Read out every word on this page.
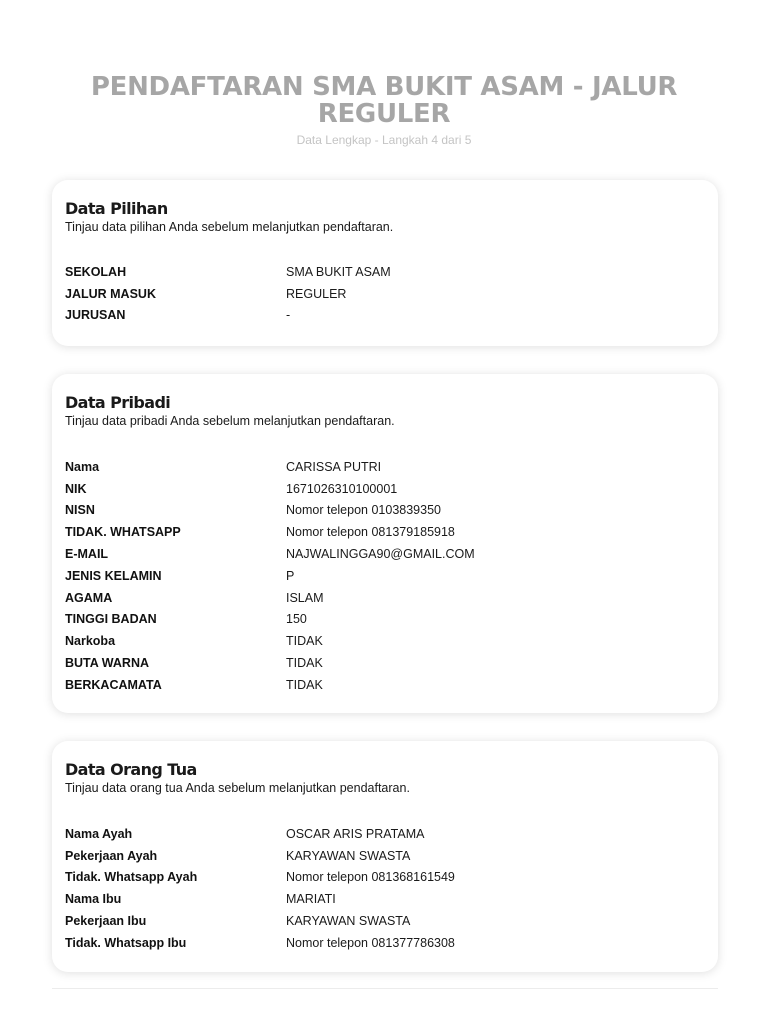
PENDAFTARAN SMA BUKIT ASAM - JALUR REGULER
Data Lengkap - Langkah 4 dari 5
Data Pilihan
Tinjau data pilihan Anda sebelum melanjutkan pendaftaran.
SEKOLAH	SMA BUKIT ASAM
JALUR MASUK	REGULER
JURUSAN	-
Data Pribadi
Tinjau data pribadi Anda sebelum melanjutkan pendaftaran.
Nama	CARISSA PUTRI
NIK	1671026310100001
NISN	Nomor telepon 0103839350
TIDAK. WHATSAPP	Nomor telepon 081379185918
E-MAIL	NAJWALINGGA90@GMAIL.COM
JENIS KELAMIN	P
AGAMA	ISLAM
TINGGI BADAN	150
Narkoba	TIDAK
BUTA WARNA	TIDAK
BERKACAMATA	TIDAK
Data Orang Tua
Tinjau data orang tua Anda sebelum melanjutkan pendaftaran.
Nama Ayah	OSCAR ARIS PRATAMA
Pekerjaan Ayah	KARYAWAN SWASTA
Tidak. Whatsapp Ayah	Nomor telepon 081368161549
Nama Ibu	MARIATI
Pekerjaan Ibu	KARYAWAN SWASTA
Tidak. Whatsapp Ibu	Nomor telepon 081377786308
